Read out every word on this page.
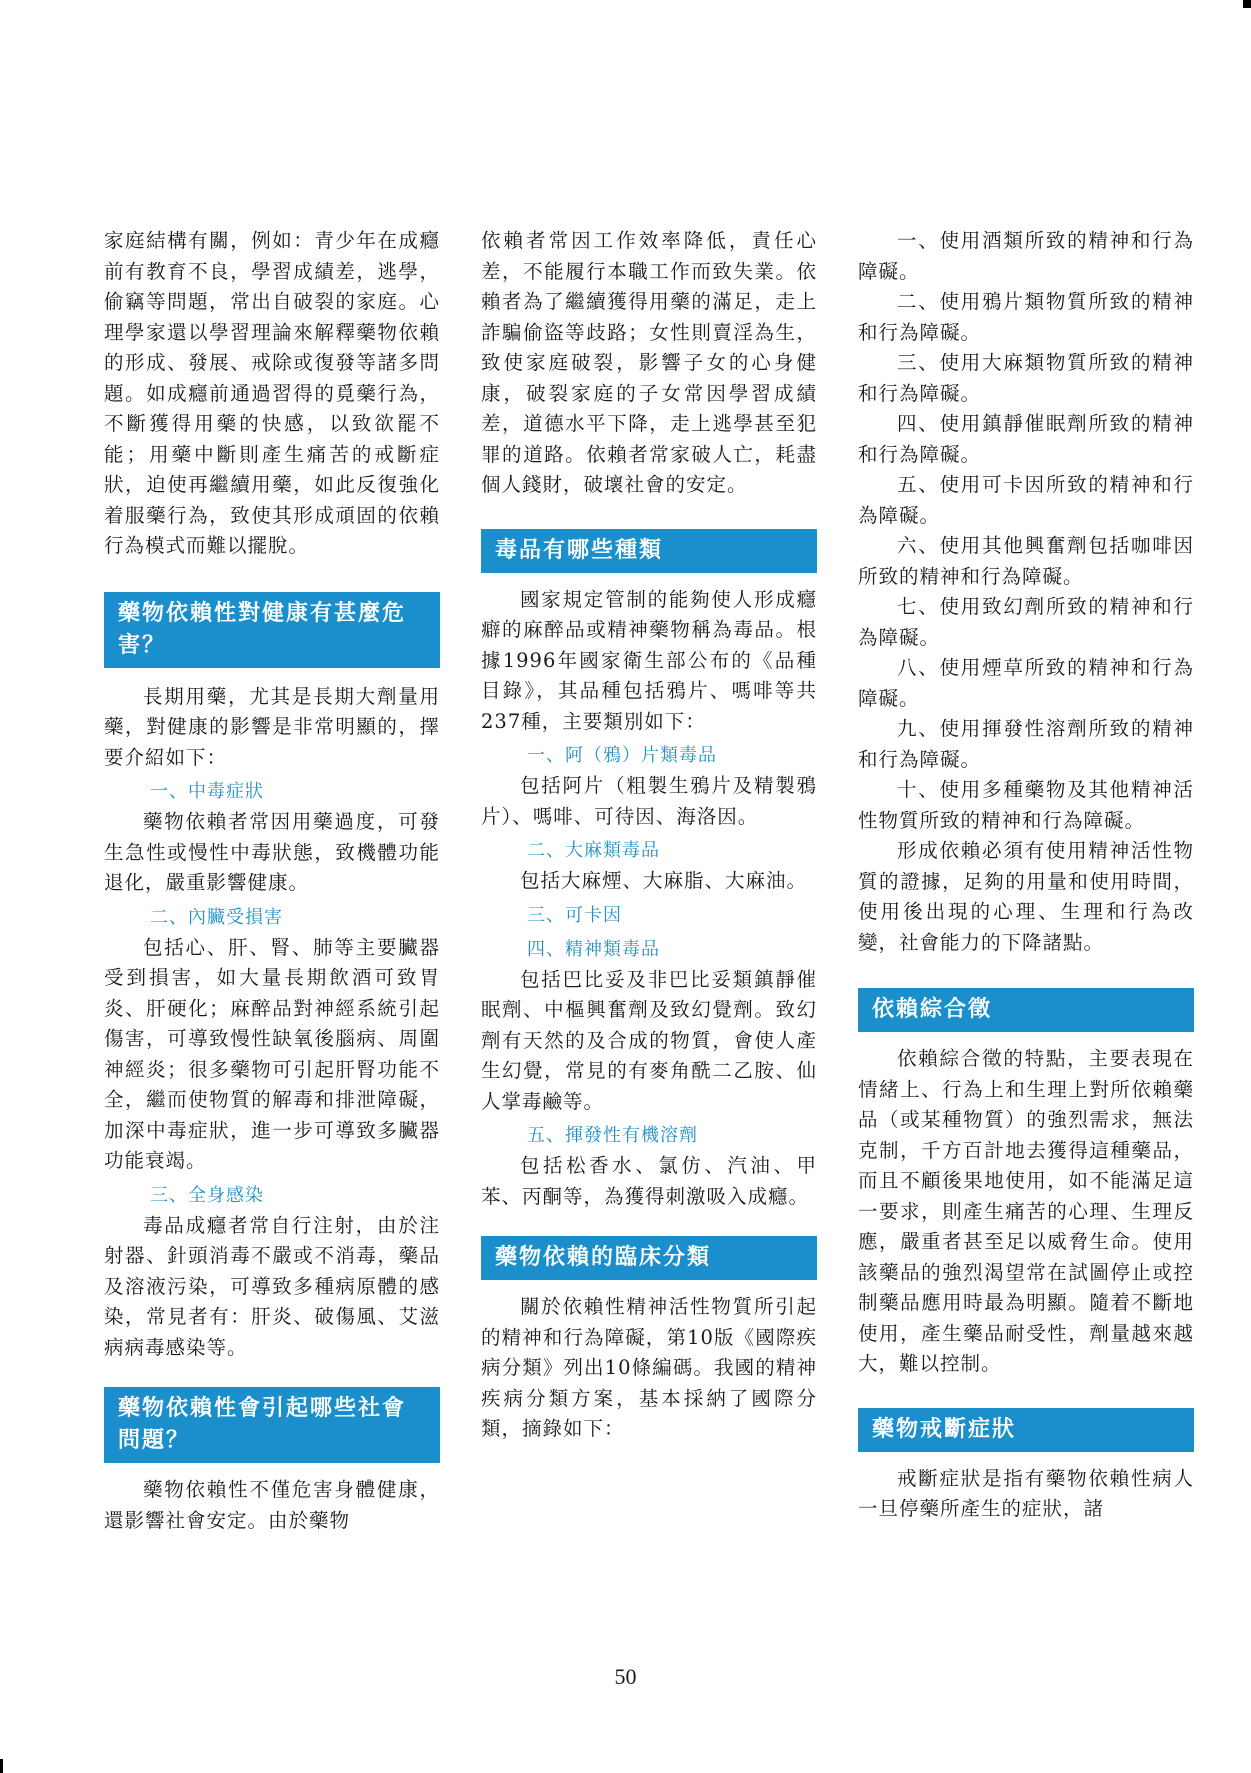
家庭結構有關，例如：青少年在成癮前有教育不良，學習成績差，逃學，偷竊等問題，常出自破裂的家庭。心理學家還以學習理論來解釋藥物依賴的形成、發展、戒除或復發等諸多問題。如成癮前通過習得的覓藥行為，不斷獲得用藥的快感，以致欲罷不能；用藥中斷則產生痛苦的戒斷症狀，迫使再繼續用藥，如此反復強化着服藥行為，致使其形成頑固的依賴行為模式而難以擺脫。

藥物依賴性對健康有甚麼危害？

長期用藥，尤其是長期大劑量用藥，對健康的影響是非常明顯的，擇要介紹如下：

一、中毒症狀

藥物依賴者常因用藥過度，可發生急性或慢性中毒狀態，致機體功能退化，嚴重影響健康。

二、內臟受損害

包括心、肝、腎、肺等主要臟器受到損害，如大量長期飲酒可致胃炎、肝硬化；麻醉品對神經系統引起傷害，可導致慢性缺氧後腦病、周圍神經炎；很多藥物可引起肝腎功能不全，繼而使物質的解毒和排泄障礙，加深中毒症狀，進一步可導致多臟器功能衰竭。

三、全身感染

毒品成癮者常自行注射，由於注射器、針頭消毒不嚴或不消毒，藥品及溶液污染，可導致多種病原體的感染，常見者有：肝炎、破傷風、艾滋病病毒感染等。

藥物依賴性會引起哪些社會問題？

藥物依賴性不僅危害身體健康，還影響社會安定。由於藥物

依賴者常因工作效率降低，責任心差，不能履行本職工作而致失業。依賴者為了繼續獲得用藥的滿足，走上詐騙偷盜等歧路；女性則賣淫為生，致使家庭破裂，影響子女的心身健康，破裂家庭的子女常因學習成績差，道德水平下降，走上逃學甚至犯罪的道路。依賴者常家破人亡，耗盡個人錢財，破壞社會的安定。

毒品有哪些種類

國家規定管制的能夠使人形成癮癖的麻醉品或精神藥物稱為毒品。根據1996年國家衛生部公布的《品種目錄》，其品種包括鴉片、嗎啡等共237種，主要類別如下：

一、阿（鴉）片類毒品

包括阿片（粗製生鴉片及精製鴉片）、嗎啡、可待因、海洛因。

二、大麻類毒品

包括大麻煙、大麻脂、大麻油。

三、可卡因

四、精神類毒品

包括巴比妥及非巴比妥類鎮靜催眠劑、中樞興奮劑及致幻覺劑。致幻劑有天然的及合成的物質，會使人產生幻覺，常見的有麥角酰二乙胺、仙人掌毒鹼等。

五、揮發性有機溶劑

包括松香水、氯仿、汽油、甲苯、丙酮等，為獲得刺激吸入成癮。

藥物依賴的臨床分類

關於依賴性精神活性物質所引起的精神和行為障礙，第10版《國際疾病分類》列出10條編碼。我國的精神疾病分類方案，基本採納了國際分類，摘錄如下：

一、使用酒類所致的精神和行為障礙。

二、使用鴉片類物質所致的精神和行為障礙。

三、使用大麻類物質所致的精神和行為障礙。

四、使用鎮靜催眠劑所致的精神和行為障礙。

五、使用可卡因所致的精神和行為障礙。

六、使用其他興奮劑包括咖啡因所致的精神和行為障礙。

七、使用致幻劑所致的精神和行為障礙。

八、使用煙草所致的精神和行為障礙。

九、使用揮發性溶劑所致的精神和行為障礙。

十、使用多種藥物及其他精神活性物質所致的精神和行為障礙。

形成依賴必須有使用精神活性物質的證據，足夠的用量和使用時間，使用後出現的心理、生理和行為改變，社會能力的下降諸點。

依賴綜合徵

依賴綜合徵的特點，主要表現在情緒上、行為上和生理上對所依賴藥品（或某種物質）的強烈需求，無法克制，千方百計地去獲得這種藥品，而且不顧後果地使用，如不能滿足這一要求，則產生痛苦的心理、生理反應，嚴重者甚至足以威脅生命。使用該藥品的強烈渴望常在試圖停止或控制藥品應用時最為明顯。隨着不斷地使用，產生藥品耐受性，劑量越來越大，難以控制。

藥物戒斷症狀

戒斷症狀是指有藥物依賴性病人一旦停藥所產生的症狀，諸

50
